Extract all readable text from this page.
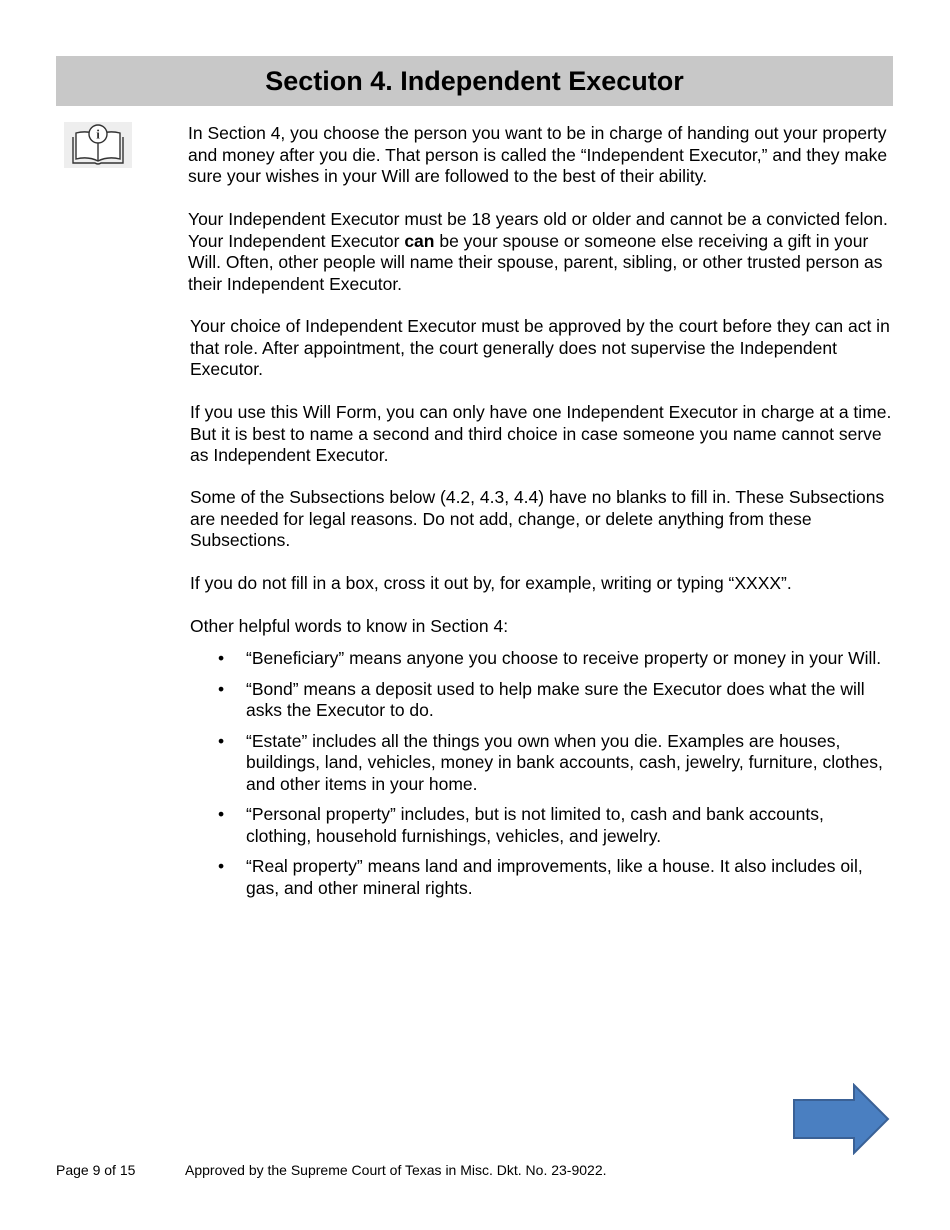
Section 4. Independent Executor
i	In Section 4, you choose the person you want to be in charge of handing out your property and money after you die. That person is called the “Independent Executor,” and they make sure your wishes in your Will are followed to the best of their ability.

Your Independent Executor must be 18 years old or older and cannot be a convicted felon. Your Independent Executor can be your spouse or someone else receiving a gift in your Will. Often, other people will name their spouse, parent, sibling, or other trusted person as their Independent Executor.

Your choice of Independent Executor must be approved by the court before they can act in that role. After appointment, the court generally does not supervise the Independent Executor.

If you use this Will Form, you can only have one Independent Executor in charge at a time. But it is best to name a second and third choice in case someone you name cannot serve as Independent Executor.

Some of the Subsections below (4.2, 4.3, 4.4) have no blanks to fill in. These Subsections are needed for legal reasons. Do not add, change, or delete anything from these Subsections.

If you do not fill in a box, cross it out by, for example, writing or typing “XXXX”.

Other helpful words to know in Section 4:

• “Beneficiary” means anyone you choose to receive property or money in your Will.
• “Bond” means a deposit used to help make sure the Executor does what the will asks the Executor to do.
• “Estate” includes all the things you own when you die. Examples are houses, buildings, land, vehicles, money in bank accounts, cash, jewelry, furniture, clothes, and other items in your home.
• “Personal property” includes, but is not limited to, cash and bank accounts, clothing, household furnishings, vehicles, and jewelry.
• “Real property” means land and improvements, like a house. It also includes oil, gas, and other mineral rights.
Page 9 of 15	Approved by the Supreme Court of Texas in Misc. Dkt. No. 23-9022.
